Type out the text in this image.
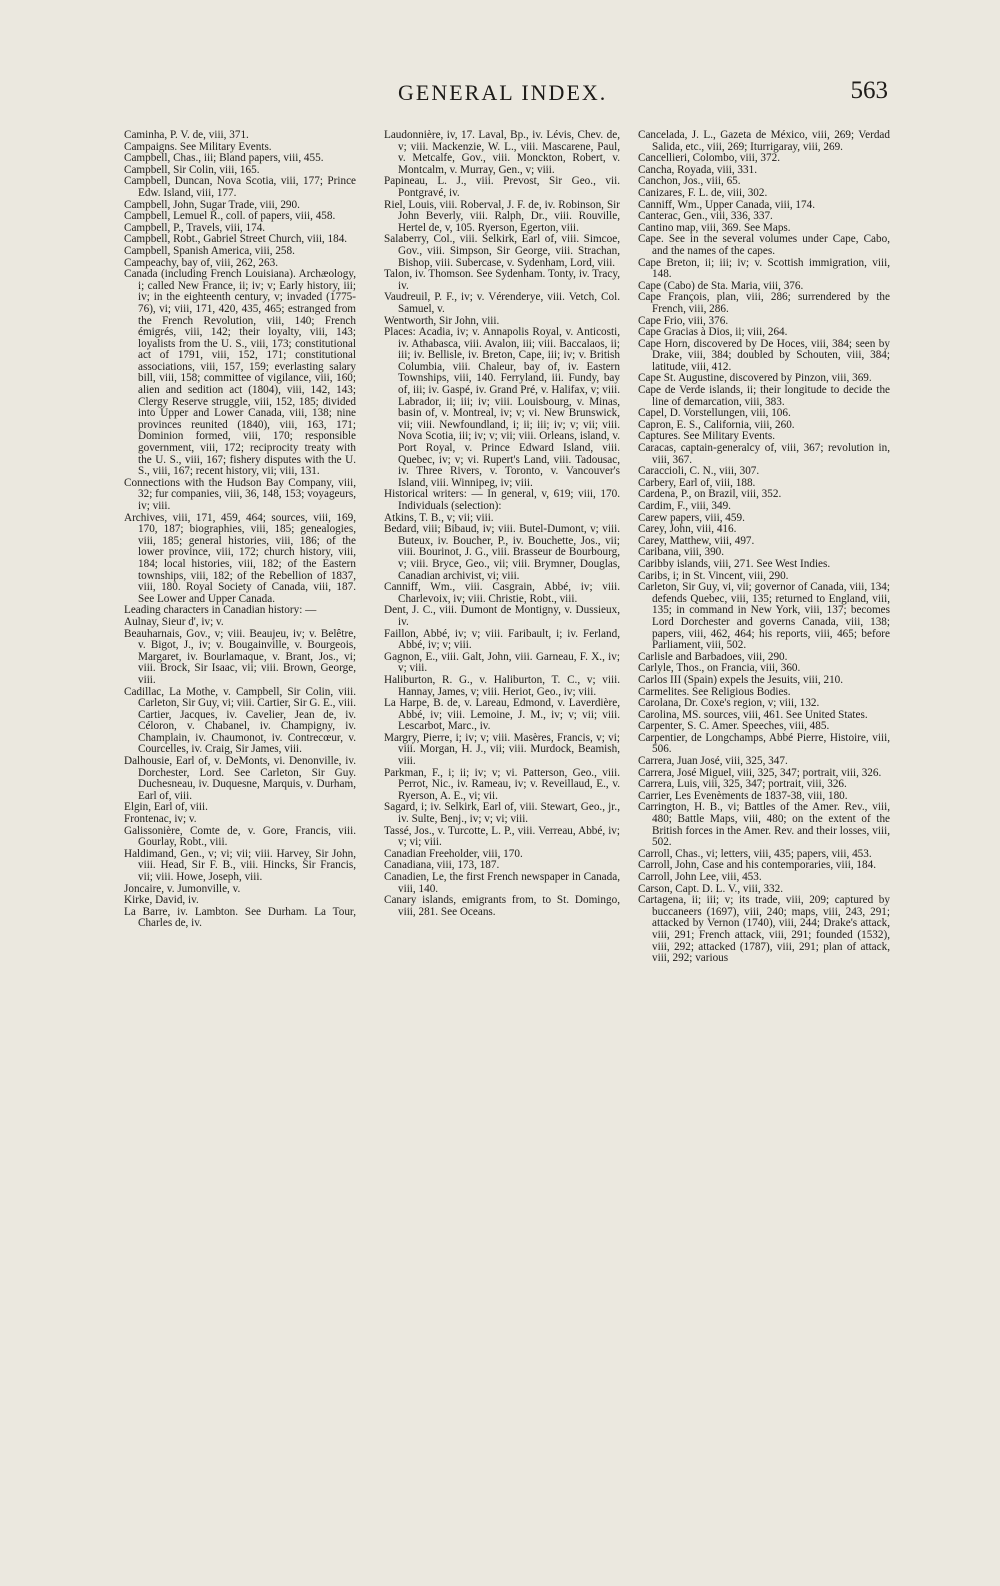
GENERAL INDEX.	563

Caminha, P. V. de, viii, 371.

Campaigns. See Military Events.

Campbell, Chas., iii; Bland papers, viii, 455.

Campbell, Sir Colin, viii, 165.

Campbell, Duncan, Nova Scotia, viii, 177; Prince Edw. Island, viii, 177.

Campbell, John, Sugar Trade, viii, 290.

Campbell, Lemuel R., coll. of papers, viii, 458.

Campbell, P., Travels, viii, 174.

Campbell, Robt., Gabriel Street Church, viii, 184.

Campbell, Spanish America, viii, 258.

Campeachy, bay of, viii, 262, 263.

Canada (including French Louisiana). Archæology, i; called New France, ii; iv; v; Early history, iii; iv; in the eighteenth century, v; invaded (1775-76), vi; viii, 171, 420, 435, 465; estranged from the French Revolution, viii, 140; French émigrés, viii, 142; their loyalty, viii, 143; loyalists from the U. S., viii, 173; constitutional act of 1791, viii, 152, 171; constitutional associations, viii, 157, 159; everlasting salary bill, viii, 158; committee of vigilance, viii, 160; alien and sedition act (1804), viii, 142, 143; Clergy Reserve struggle, viii, 152, 185; divided into Upper and Lower Canada, viii, 138; nine provinces reunited (1840), viii, 163, 171; Dominion formed, viii, 170; responsible government, viii, 172; reciprocity treaty with the U. S., viii, 167; fishery disputes with the U. S., viii, 167; recent history, vii; viii, 131.

Connections with the Hudson Bay Company, viii, 32; fur companies, viii, 36, 148, 153; voyageurs, iv; viii.

Archives, viii, 171, 459, 464; sources, viii, 169, 170, 187; biographies, viii, 185; genealogies, viii, 185; general histories, viii, 186; of the lower province, viii, 172; church history, viii, 184; local histories, viii, 182; of the Eastern townships, viii, 182; of the Rebellion of 1837, viii, 180. Royal Society of Canada, viii, 187. See Lower and Upper Canada.

Leading characters in Canadian history: —

Aulnay, Sieur d', iv; v.

Beauharnais, Gov., v; viii. Beaujeu, iv; v. Belêtre, v. Bigot, J., iv; v. Bougainville, v. Bourgeois, Margaret, iv. Bourlamaque, v. Brant, Jos., vi; viii. Brock, Sir Isaac, vii; viii. Brown, George, viii.

Cadillac, La Mothe, v. Campbell, Sir Colin, viii. Carleton, Sir Guy, vi; viii. Cartier, Sir G. E., viii. Cartier, Jacques, iv. Cavelier, Jean de, iv. Céloron, v. Chabanel, iv. Champigny, iv. Champlain, iv. Chaumonot, iv. Contrecœur, v. Courcelles, iv. Craig, Sir James, viii.

Dalhousie, Earl of, v. DeMonts, vi. Denonville, iv. Dorchester, Lord. See Carleton, Sir Guy. Duchesneau, iv. Duquesne, Marquis, v. Durham, Earl of, viii.

Elgin, Earl of, viii.

Frontenac, iv; v.

Galissonière, Comte de, v. Gore, Francis, viii. Gourlay, Robt., viii.

Haldimand, Gen., v; vi; vii; viii. Harvey, Sir John, viii. Head, Sir F. B., viii. Hincks, Sir Francis, vii; viii. Howe, Joseph, viii.

Joncaire, v. Jumonville, v.

Kirke, David, iv.

La Barre, iv. Lambton. See Durham. La Tour, Charles de, iv.

Laudonnière, iv, 17. Laval, Bp., iv. Lévis, Chev. de, v; viii. Mackenzie, W. L., viii. Mascarene, Paul, v. Metcalfe, Gov., viii. Monckton, Robert, v. Montcalm, v. Murray, Gen., v; viii.

Papineau, L. J., viii. Prevost, Sir Geo., vii. Pontgravé, iv.

Riel, Louis, viii. Roberval, J. F. de, iv. Robinson, Sir John Beverly, viii. Ralph, Dr., viii. Rouville, Hertel de, v, 105. Ryerson, Egerton, viii.

Salaberry, Col., viii. Selkirk, Earl of, viii. Simcoe, Gov., viii. Simpson, Sir George, viii. Strachan, Bishop, viii. Subercase, v. Sydenham, Lord, viii.

Talon, iv. Thomson. See Sydenham. Tonty, iv. Tracy, iv.

Vaudreuil, P. F., iv; v. Vérenderye, viii. Vetch, Col. Samuel, v.

Wentworth, Sir John, viii.

Places: Acadia, iv; v. Annapolis Royal, v. Anticosti, iv. Athabasca, viii. Avalon, iii; viii. Baccalaos, ii; iii; iv. Bellisle, iv. Breton, Cape, iii; iv; v. British Columbia, viii. Chaleur, bay of, iv. Eastern Townships, viii, 140. Ferryland, iii. Fundy, bay of, iii; iv. Gaspé, iv. Grand Pré, v. Halifax, v; viii. Labrador, ii; iii; iv; viii. Louisbourg, v. Minas, basin of, v. Montreal, iv; v; vi. New Brunswick, vii; viii. Newfoundland, i; ii; iii; iv; v; vii; viii. Nova Scotia, iii; iv; v; vii; viii. Orleans, island, v. Port Royal, v. Prince Edward Island, viii. Quebec, iv; v; vi. Rupert's Land, viii. Tadousac, iv. Three Rivers, v. Toronto, v. Vancouver's Island, viii. Winnipeg, iv; viii.

Historical writers: — In general, v, 619; viii, 170. Individuals (selection):

Atkins, T. B., v; vii; viii.

Bedard, viii; Bibaud, iv; viii. Butel-Dumont, v; viii. Buteux, iv. Boucher, P., iv. Bouchette, Jos., vii; viii. Bourinot, J. G., viii. Brasseur de Bourbourg, v; viii. Bryce, Geo., vii; viii. Brymner, Douglas, Canadian archivist, vi; viii.

Canniff, Wm., viii. Casgrain, Abbé, iv; viii. Charlevoix, iv; viii. Christie, Robt., viii.

Dent, J. C., viii. Dumont de Montigny, v. Dussieux, iv.

Faillon, Abbé, iv; v; viii. Faribault, i; iv. Ferland, Abbé, iv; v; viii.

Gagnon, E., viii. Galt, John, viii. Garneau, F. X., iv; v; viii.

Haliburton, R. G., v. Haliburton, T. C., v; viii. Hannay, James, v; viii. Heriot, Geo., iv; viii.

La Harpe, B. de, v. Lareau, Edmond, v. Laverdière, Abbé, iv; viii. Lemoine, J. M., iv; v; vii; viii. Lescarbot, Marc., iv.

Margry, Pierre, i; iv; v; viii. Masères, Francis, v; vi; viii. Morgan, H. J., vii; viii. Murdock, Beamish, viii.

Parkman, F., i; ii; iv; v; vi. Patterson, Geo., viii. Perrot, Nic., iv. Rameau, iv; v. Reveillaud, E., v. Ryerson, A. E., vi; vii.

Sagard, i; iv. Selkirk, Earl of, viii. Stewart, Geo., jr., iv. Sulte, Benj., iv; v; vi; viii.

Tassé, Jos., v. Turcotte, L. P., viii. Verreau, Abbé, iv; v; vi; viii.

Canadian Freeholder, viii, 170.

Canadiana, viii, 173, 187.

Canadien, Le, the first French newspaper in Canada, viii, 140.

Canary islands, emigrants from, to St. Domingo, viii, 281. See Oceans.

Cancelada, J. L., Gazeta de México, viii, 269; Verdad Salida, etc., viii, 269; Iturrigaray, viii, 269.

Cancellieri, Colombo, viii, 372.

Cancha, Royada, viii, 331.

Canchon, Jos., viii, 65.

Canizares, F. L. de, viii, 302.

Canniff, Wm., Upper Canada, viii, 174.

Canterac, Gen., viii, 336, 337.

Cantino map, viii, 369. See Maps.

Cape. See in the several volumes under Cape, Cabo, and the names of the capes.

Cape Breton, ii; iii; iv; v. Scottish immigration, viii, 148.

Cape (Cabo) de Sta. Maria, viii, 376.

Cape François, plan, viii, 286; surrendered by the French, viii, 286.

Cape Frio, viii, 376.

Cape Gracias à Dios, ii; viii, 264.

Cape Horn, discovered by De Hoces, viii, 384; seen by Drake, viii, 384; doubled by Schouten, viii, 384; latitude, viii, 412.

Cape St. Augustine, discovered by Pinzon, viii, 369.

Cape de Verde islands, ii; their longitude to decide the line of demarcation, viii, 383.

Capel, D. Vorstellungen, viii, 106.

Capron, E. S., California, viii, 260.

Captures. See Military Events.

Caracas, captain-generalcy of, viii, 367; revolution in, viii, 367.

Caraccioli, C. N., viii, 307.

Carbery, Earl of, viii, 188.

Cardena, P., on Brazil, viii, 352.

Cardim, F., viii, 349.

Carew papers, viii, 459.

Carey, John, viii, 416.

Carey, Matthew, viii, 497.

Caribana, viii, 390.

Caribby islands, viii, 271. See West Indies.

Caribs, i; in St. Vincent, viii, 290.

Carleton, Sir Guy, vi, vii; governor of Canada, viii, 134; defends Quebec, viii, 135; returned to England, viii, 135; in command in New York, viii, 137; becomes Lord Dorchester and governs Canada, viii, 138; papers, viii, 462, 464; his reports, viii, 465; before Parliament, viii, 502.

Carlisle and Barbadoes, viii, 290.

Carlyle, Thos., on Francia, viii, 360.

Carlos III (Spain) expels the Jesuits, viii, 210.

Carmelites. See Religious Bodies.

Carolana, Dr. Coxe's region, v; viii, 132.

Carolina, MS. sources, viii, 461. See United States.

Carpenter, S. C. Amer. Speeches, viii, 485.

Carpentier, de Longchamps, Abbé Pierre, Histoire, viii, 506.

Carrera, Juan José, viii, 325, 347.

Carrera, José Miguel, viii, 325, 347; portrait, viii, 326.

Carrera, Luis, viii, 325, 347; portrait, viii, 326.

Carrier, Les Evenèments de 1837-38, viii, 180.

Carrington, H. B., vi; Battles of the Amer. Rev., viii, 480; Battle Maps, viii, 480; on the extent of the British forces in the Amer. Rev. and their losses, viii, 502.

Carroll, Chas., vi; letters, viii, 435; papers, viii, 453.

Carroll, John, Case and his contemporaries, viii, 184.

Carroll, John Lee, viii, 453.

Carson, Capt. D. L. V., viii, 332.

Cartagena, ii; iii; v; its trade, viii, 209; captured by buccaneers (1697), viii, 240; maps, viii, 243, 291; attacked by Vernon (1740), viii, 244; Drake's attack, viii, 291; French attack, viii, 291; founded (1532), viii, 292; attacked (1787), viii, 291; plan of attack, viii, 292; various
